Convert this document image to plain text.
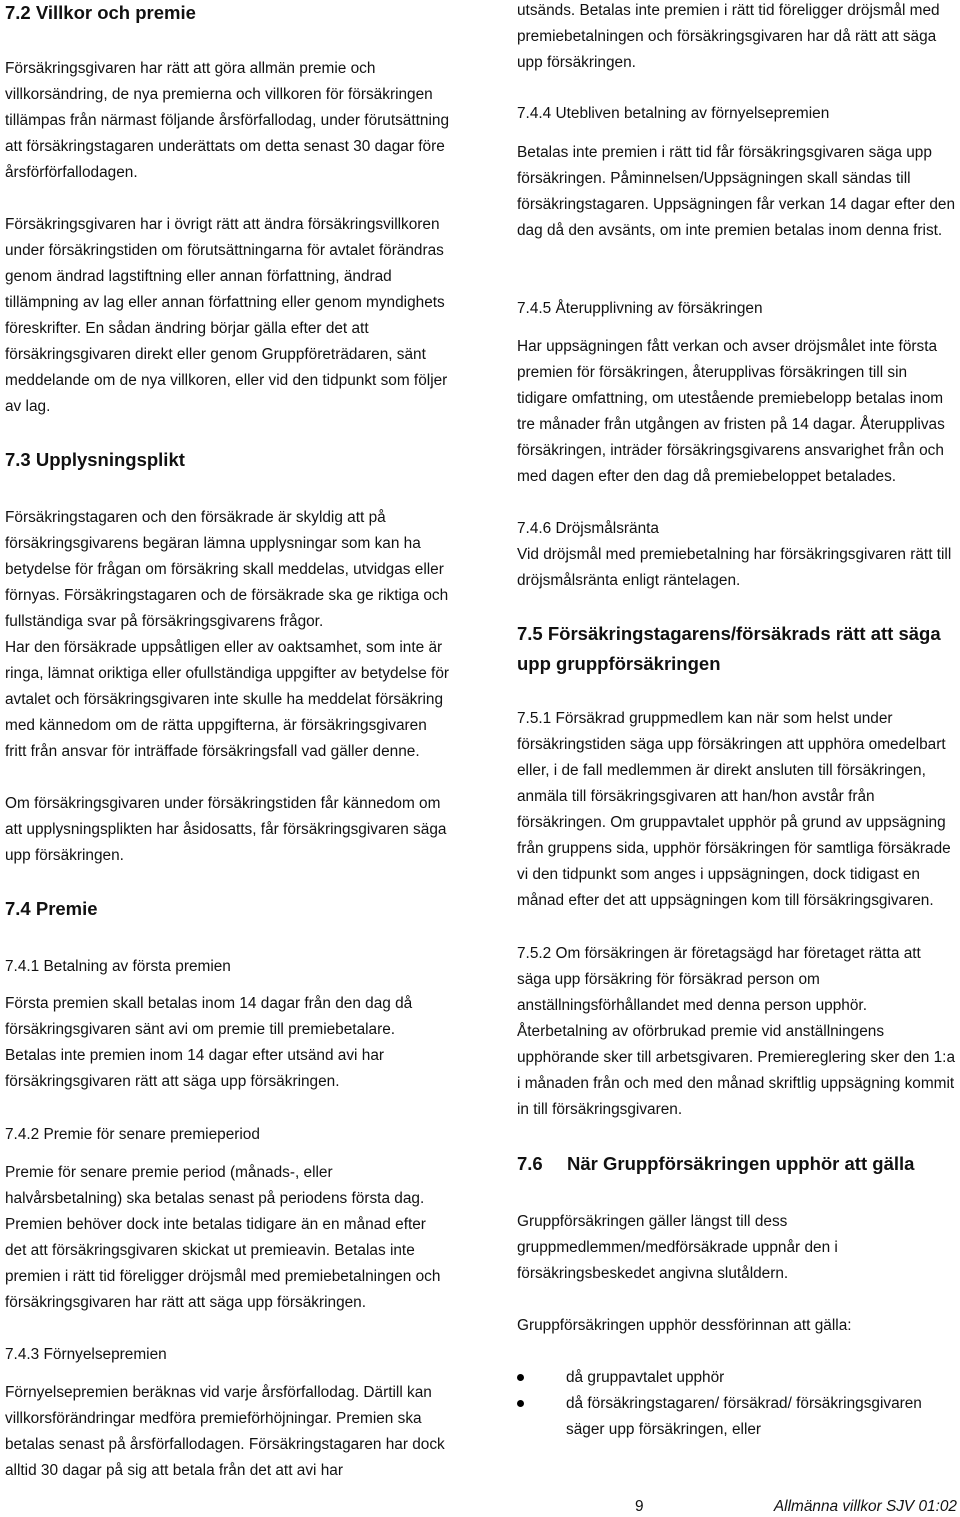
7.2 Villkor och premie

Försäkringsgivaren har rätt att göra allmän premie och villkorsändring, de nya premierna och villkoren för försäkringen tillämpas från närmast följande årsförfallodag, under förutsättning att försäkringstagaren underättats om detta senast 30 dagar före årsförförfallodagen.

Försäkringsgivaren har i övrigt rätt att ändra försäkringsvillkoren under försäkringstiden om förutsättningarna för avtalet förändras genom ändrad lagstiftning eller annan författning, ändrad tillämpning av lag eller annan författning eller genom myndighets föreskrifter. En sådan ändring börjar gälla efter det att försäkringsgivaren direkt eller genom Gruppföreträdaren, sänt meddelande om de nya villkoren, eller vid den tidpunkt som följer av lag.

7.3 Upplysningsplikt

Försäkringstagaren och den försäkrade är skyldig att på försäkringsgivarens begäran lämna upplysningar som kan ha betydelse för frågan om försäkring skall meddelas, utvidgas eller förnyas. Försäkringstagaren och de försäkrade ska ge riktiga och fullständiga svar på försäkringsgivarens frågor.

Har den försäkrade uppsåtligen eller av oaktsamhet, som inte är ringa, lämnat oriktiga eller ofullständiga uppgifter av betydelse för avtalet och försäkringsgivaren inte skulle ha meddelat försäkring med kännedom om de rätta uppgifterna, är försäkringsgivaren fritt från ansvar för inträffade försäkringsfall vad gäller denne.

Om försäkringsgivaren under försäkringstiden får kännedom om att upplysningsplikten har åsidosatts, får försäkringsgivaren säga upp försäkringen.

7.4 Premie
7.4.1 Betalning av första premien

Första premien skall betalas inom 14 dagar från den dag då försäkringsgivaren sänt avi om premie till premiebetalare.

Betalas inte premien inom 14 dagar efter utsänd avi har försäkringsgivaren rätt att säga upp försäkringen.

7.4.2 Premie för senare premieperiod

Premie för senare premie period (månads-, eller halvårsbetalning) ska betalas senast på periodens första dag.

Premien behöver dock inte betalas tidigare än en månad efter det att försäkringsgivaren skickat ut premieavin. Betalas inte premien i rätt tid föreligger dröjsmål med premiebetalningen och försäkringsgivaren har rätt att säga upp försäkringen.

7.4.3 Förnyelsepremien

Förnyelsepremien beräknas vid varje årsförfallodag. Därtill kan villkorsförändringar medföra premieförhöjningar. Premien ska betalas senast på årsförfallodagen. Försäkringstagaren har dock alltid 30 dagar på sig att betala från det att avi har

utsänds. Betalas inte premien i rätt tid föreligger dröjsmål med premiebetalningen och försäkringsgivaren har då rätt att säga upp försäkringen.

7.4.4 Utebliven betalning av förnyelsepremien

Betalas inte premien i rätt tid får försäkringsgivaren säga upp försäkringen. Påminnelsen/Uppsägningen skall sändas till försäkringstagaren. Uppsägningen får verkan 14 dagar efter den dag då den avsänts, om inte premien betalas inom denna frist.

7.4.5 Återupplivning av försäkringen

Har uppsägningen fått verkan och avser dröjsmålet inte första premien för försäkringen, återupplivas försäkringen till sin tidigare omfattning, om utestående premiebelopp betalas inom tre månader från utgången av fristen på 14 dagar. Återupplivas försäkringen, inträder försäkringsgivarens ansvarighet från och med dagen efter den dag då premiebeloppet betalades.

7.4.6 Dröjsmålsränta

Vid dröjsmål med premiebetalning har försäkringsgivaren rätt till dröjsmålsränta enligt räntelagen.

7.5 Försäkringstagarens/försäkrads rätt att säga upp gruppförsäkringen

7.5.1 Försäkrad gruppmedlem kan när som helst under försäkringstiden säga upp försäkringen att upphöra omedelbart eller, i de fall medlemmen är direkt ansluten till försäkringen, anmäla till försäkringsgivaren att han/hon avstår från försäkringen. Om gruppavtalet upphör på grund av uppsägning från gruppens sida, upphör försäkringen för samtliga försäkrade vi den tidpunkt som anges i uppsägningen, dock tidigast en månad efter det att uppsägningen kom till försäkringsgivaren.

7.5.2 Om försäkringen är företagsägd har företaget rätta att säga upp försäkring för försäkrad person om anställningsförhållandet med denna person upphör.

Återbetalning av oförbrukad premie vid anställningens upphörande sker till arbetsgivaren. Premiereglering sker den 1:a i månaden från och med den månad skriftlig uppsägning kommit in till försäkringsgivaren.

7.6 När Gruppförsäkringen upphör att gälla

Gruppförsäkringen gäller längst till dess gruppmedlemmen/medförsäkrade uppnår den i försäkringsbeskedet angivna slutåldern.

Gruppförsäkringen upphör dessförinnan att gälla:

då gruppavtalet upphör
då försäkringstagaren/ försäkrad/ försäkringsgivaren säger upp försäkringen, eller
9	Allmänna villkor SJV 01:02
